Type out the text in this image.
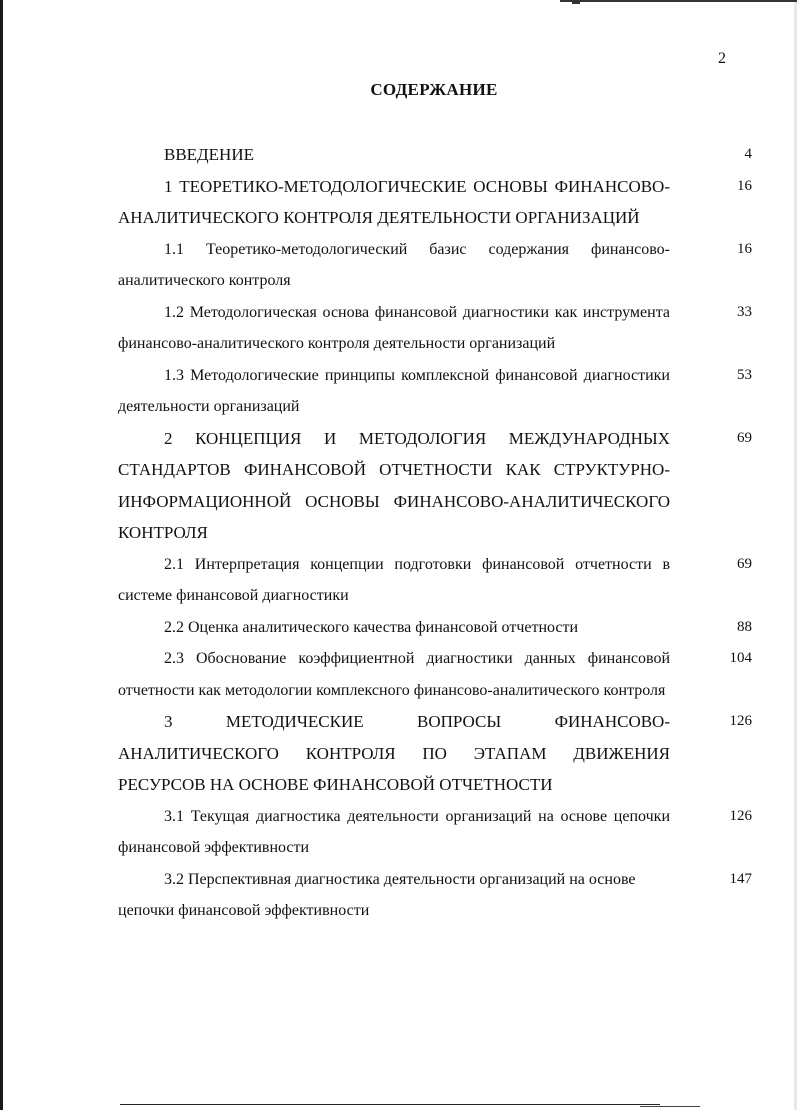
2
СОДЕРЖАНИЕ
ВВЕДЕНИЕ	4
1 ТЕОРЕТИКО-МЕТОДОЛОГИЧЕСКИЕ ОСНОВЫ ФИНАНСОВО-АНАЛИТИЧЕСКОГО КОНТРОЛЯ ДЕЯТЕЛЬНОСТИ ОРГАНИЗАЦИЙ
16
1.1 Теоретико-методологический базис содержания финансово-аналитического контроля
16
1.2 Методологическая основа финансовой диагностики как инструмента финансово-аналитического контроля деятельности организаций
33
1.3 Методологические принципы комплексной финансовой диагностики деятельности организаций
53
2 КОНЦЕПЦИЯ И МЕТОДОЛОГИЯ МЕЖДУНАРОДНЫХ СТАНДАРТОВ ФИНАНСОВОЙ ОТЧЕТНОСТИ КАК СТРУКТУРНО-ИНФОРМАЦИОННОЙ ОСНОВЫ ФИНАНСОВО-АНАЛИТИЧЕСКОГО КОНТРОЛЯ
69
2.1 Интерпретация концепции подготовки финансовой отчетности в системе финансовой диагностики
69
2.2 Оценка аналитического качества финансовой отчетности	88
2.3 Обоснование коэффициентной диагностики данных финансовой отчетности как методологии комплексного финансово-аналитического контроля
104
3 МЕТОДИЧЕСКИЕ ВОПРОСЫ ФИНАНСОВО-АНАЛИТИЧЕСКОГО КОНТРОЛЯ ПО ЭТАПАМ ДВИЖЕНИЯ РЕСУРСОВ НА ОСНОВЕ ФИНАНСОВОЙ ОТЧЕТНОСТИ
126
3.1 Текущая диагностика деятельности организаций на основе цепочки финансовой эффективности
126
3.2 Перспективная диагностика деятельности организаций на основе цепочки финансовой эффективности
147
